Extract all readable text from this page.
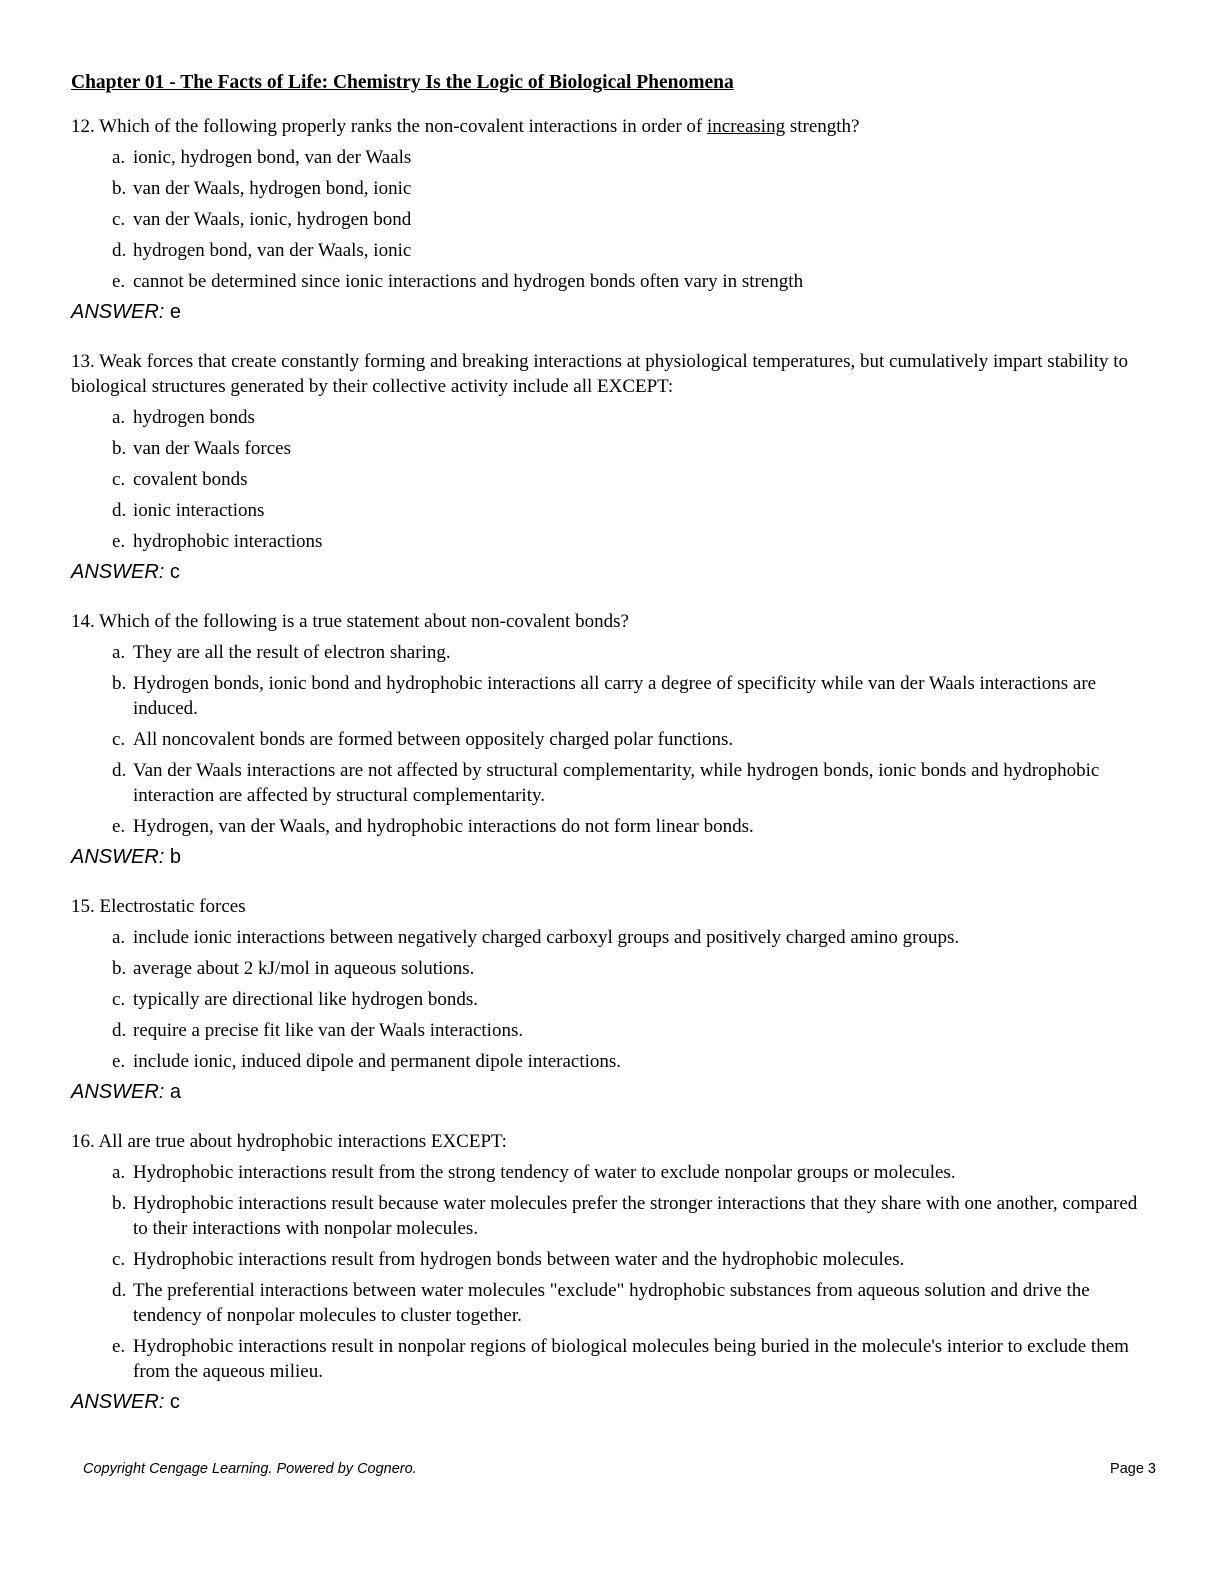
Chapter 01 - The Facts of Life: Chemistry Is the Logic of Biological Phenomena
12. Which of the following properly ranks the non-covalent interactions in order of increasing strength?
a. ionic, hydrogen bond, van der Waals
b. van der Waals, hydrogen bond, ionic
c. van der Waals, ionic, hydrogen bond
d. hydrogen bond, van der Waals, ionic
e. cannot be determined since ionic interactions and hydrogen bonds often vary in strength
ANSWER: e
13. Weak forces that create constantly forming and breaking interactions at physiological temperatures, but cumulatively impart stability to biological structures generated by their collective activity include all EXCEPT:
a. hydrogen bonds
b. van der Waals forces
c. covalent bonds
d. ionic interactions
e. hydrophobic interactions
ANSWER: c
14. Which of the following is a true statement about non-covalent bonds?
a. They are all the result of electron sharing.
b. Hydrogen bonds, ionic bond and hydrophobic interactions all carry a degree of specificity while van der Waals interactions are induced.
c. All noncovalent bonds are formed between oppositely charged polar functions.
d. Van der Waals interactions are not affected by structural complementarity, while hydrogen bonds, ionic bonds and hydrophobic interaction are affected by structural complementarity.
e. Hydrogen, van der Waals, and hydrophobic interactions do not form linear bonds.
ANSWER: b
15. Electrostatic forces
a. include ionic interactions between negatively charged carboxyl groups and positively charged amino groups.
b. average about 2 kJ/mol in aqueous solutions.
c. typically are directional like hydrogen bonds.
d. require a precise fit like van der Waals interactions.
e. include ionic, induced dipole and permanent dipole interactions.
ANSWER: a
16. All are true about hydrophobic interactions EXCEPT:
a. Hydrophobic interactions result from the strong tendency of water to exclude nonpolar groups or molecules.
b. Hydrophobic interactions result because water molecules prefer the stronger interactions that they share with one another, compared to their interactions with nonpolar molecules.
c. Hydrophobic interactions result from hydrogen bonds between water and the hydrophobic molecules.
d. The preferential interactions between water molecules "exclude" hydrophobic substances from aqueous solution and drive the tendency of nonpolar molecules to cluster together.
e. Hydrophobic interactions result in nonpolar regions of biological molecules being buried in the molecule's interior to exclude them from the aqueous milieu.
ANSWER: c
Copyright Cengage Learning. Powered by Cognero.	Page 3
